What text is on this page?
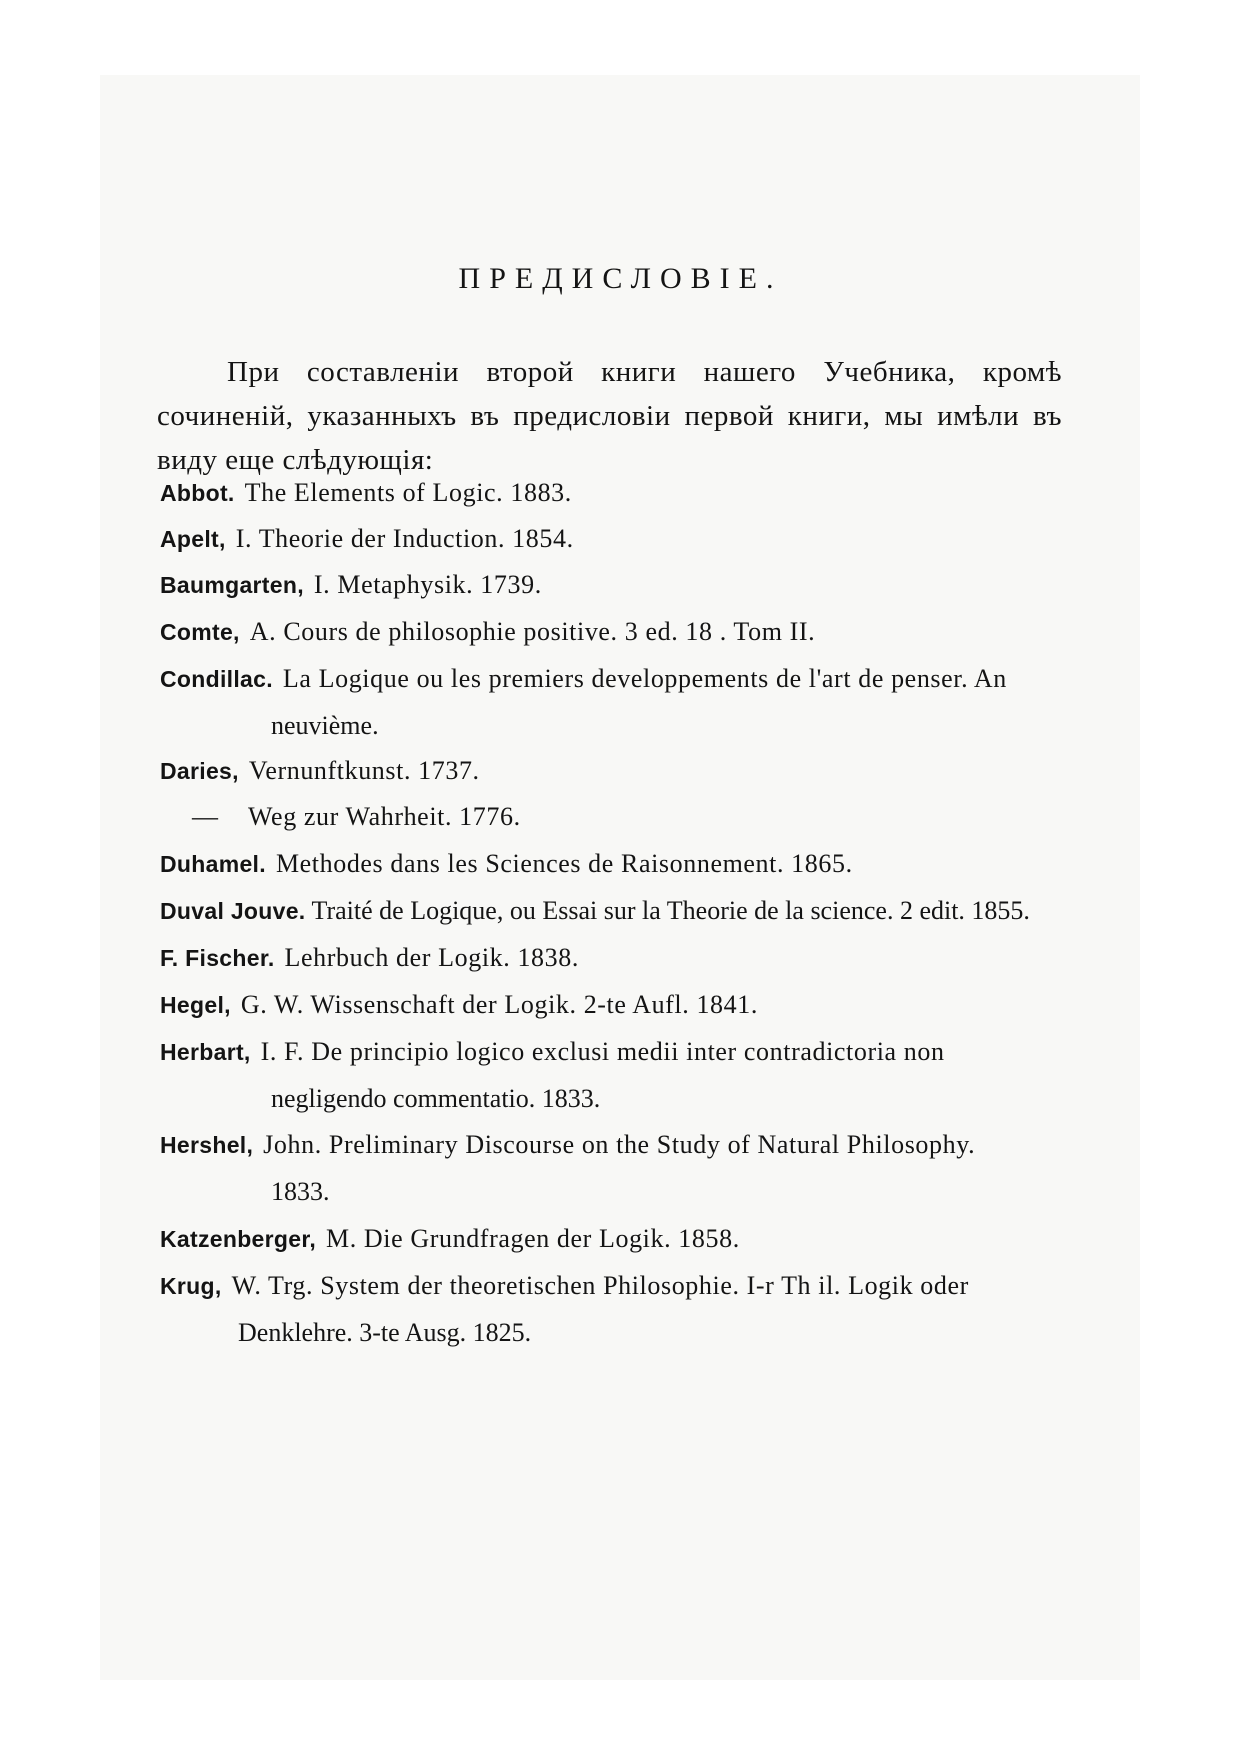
ПРЕДИСЛОВІЕ.

При составленіи второй книги нашего Учебника, кромѣ сочиненій, указанныхъ въ предисловіи первой книги, мы имѣли въ виду еще слѣдующія:

Abbot. The Elements of Logic. 1883.
Apelt, I. Theorie der Induction. 1854.
Baumgarten, I. Metaphysik. 1739.
Comte, A. Cours de philosophie positive. 3 ed. 18 . Tom II.
Condillac. La Logique ou les premiers developpements de l'art de penser. An
neuvième.
Daries, Vernunftkunst. 1737.
— Weg zur Wahrheit. 1776.
Duhamel. Methodes dans les Sciences de Raisonnement. 1865.
Duval Jouve. Traité de Logique, ou Essai sur la Theorie de la science. 2 edit. 1855.
F. Fischer. Lehrbuch der Logik. 1838.
Hegel, G. W. Wissenschaft der Logik. 2-te Aufl. 1841.
Herbart, I. F. De principio logico exclusi medii inter contradictoria non
negligendo commentatio. 1833.
Hershel, John. Preliminary Discourse on the Study of Natural Philosophy.
1833.
Katzenberger, M. Die Grundfragen der Logik. 1858.
Krug, W. Trg. System der theoretischen Philosophie. I-r Th il. Logik oder
Denklehre. 3-te Ausg. 1825.
